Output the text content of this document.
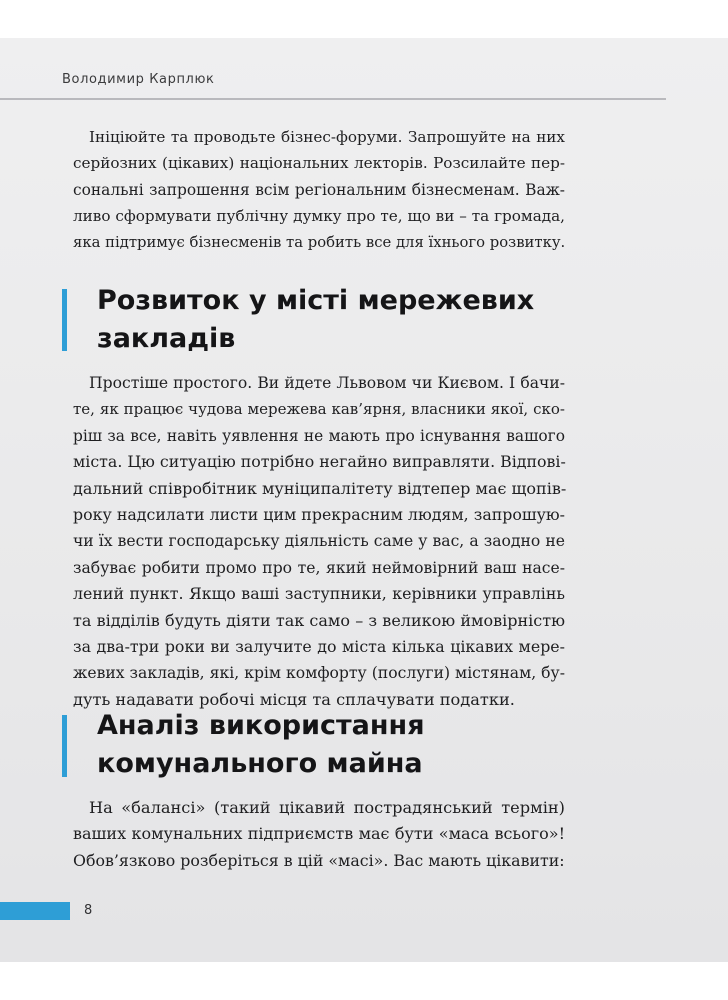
Володимир Карплюк

Ініціюйте та проводьте бізнес-форуми. Запрошуйте на них
серйозних (цікавих) національних лекторів. Розсилайте пер-
сональні запрошення всім регіональним бізнесменам. Важ-
ливо сформувати публічну думку про те, що ви – та громада,
яка підтримує бізнесменів та робить все для їхнього розвитку.

Розвиток у місті мережевих
закладів

Простіше простого. Ви йдете Львовом чи Києвом. І бачи-
те, як працює чудова мережева кав’ярня, власники якої, ско-
ріш за все, навіть уявлення не мають про існування вашого
міста. Цю ситуацію потрібно негайно виправляти. Відпові-
дальний співробітник муніципалітету відтепер має щопів-
року надсилати листи цим прекрасним людям, запрошую-
чи їх вести господарську діяльність саме у вас, а заодно не
забуває робити промо про те, який неймовірний ваш насе-
лений пункт. Якщо ваші заступники, керівники управлінь
та відділів будуть діяти так само – з великою ймовірністю
за два-три роки ви залучите до міста кілька цікавих мере-
жевих закладів, які, крім комфорту (послуги) містянам, бу-
дуть надавати робочі місця та сплачувати податки.

Аналіз використання
комунального майна

На «балансі» (такий цікавий пострадянський термін)
ваших комунальних підприємств має бути «маса всього»!
Обов’язково розберіться в цій «масі». Вас мають цікавити:

8
